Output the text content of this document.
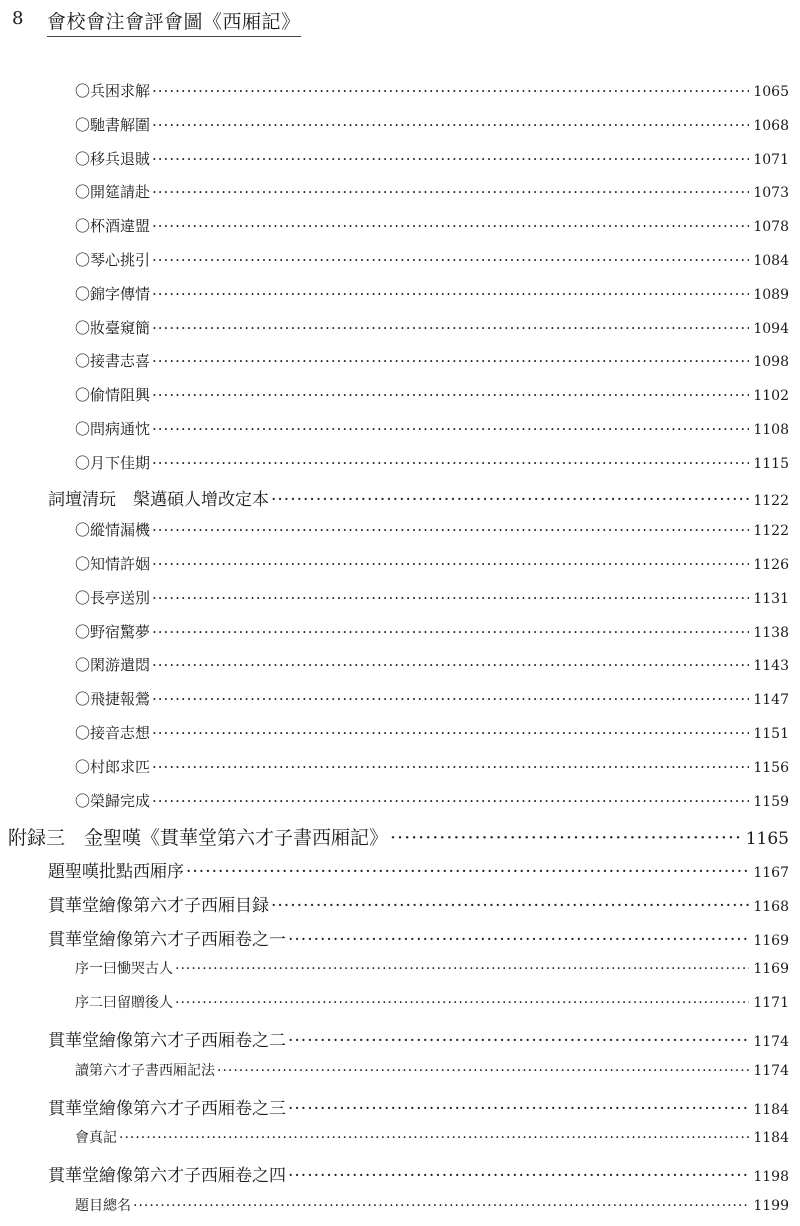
8 會校會注會評會圖《西厢記》
〇兵困求解 ·····	1065
〇馳書解圍 ·····	1068
〇移兵退賊 ·····	1071
〇開筵請赴 ·····	1073
〇杯酒違盟 ·····	1078
〇琴心挑引 ·····	1084
〇錦字傳情 ·····	1089
〇妝臺窺簡 ·····	1094
〇接書志喜 ·····	1098
〇偷情阻興 ·····	1102
〇問病通忱 ·····	1108
〇月下佳期 ·····	1115
詞壇清玩　槃邁碩人增改定本 ·····	1122
〇縱情漏機 ·····	1122
〇知情許姻 ·····	1126
〇長亭送別 ·····	1131
〇野宿驚夢 ·····	1138
〇閑游遣悶 ·····	1143
〇飛捷報鶯 ·····	1147
〇接音志想 ·····	1151
〇村郎求匹 ·····	1156
〇榮歸完成 ·····	1159
附録三　金聖嘆《貫華堂第六才子書西厢記》 ·····	1165
題聖嘆批點西厢序 ·····	1167
貫華堂繪像第六才子西厢目録 ·····	1168
貫華堂繪像第六才子西厢卷之一 ·····	1169
序一曰慟哭古人 ·····	1169
序二曰留贈後人 ·····	1171
貫華堂繪像第六才子西厢卷之二 ·····	1174
讀第六才子書西厢記法 ·····	1174
貫華堂繪像第六才子西厢卷之三 ·····	1184
會真記 ·····	1184
貫華堂繪像第六才子西厢卷之四 ·····	1198
題目總名 ·····	1199
